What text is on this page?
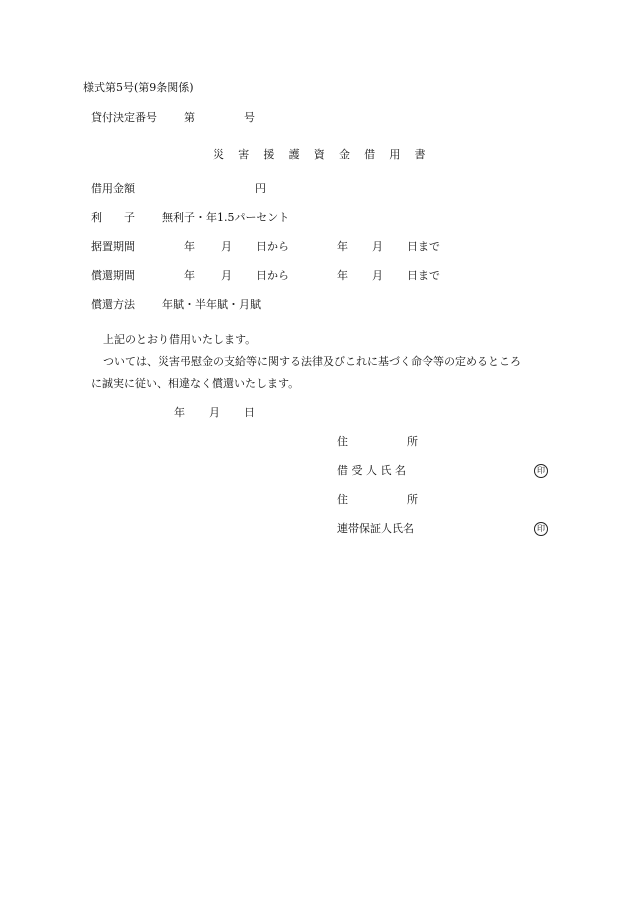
様式第5号(第9条関係)
貸付決定番号 第	号
災 害 援 護 資 金 借 用 書
借用金額	円
利　　子 無利子・年1.5パーセント
据置期間	年 月 日から	年 月 日まで
償還期間	年 月 日から	年 月 日まで
償還方法 年賦・半年賦・月賦
上記のとおり借用いたします。
ついては、災害弔慰金の支給等に関する法律及びこれに基づく命令等の定めるところ
に誠実に従い、相違なく償還いたします。
年 月 日
住	所
借 受 人 氏 名	印
住	所
連帯保証人氏名	印
